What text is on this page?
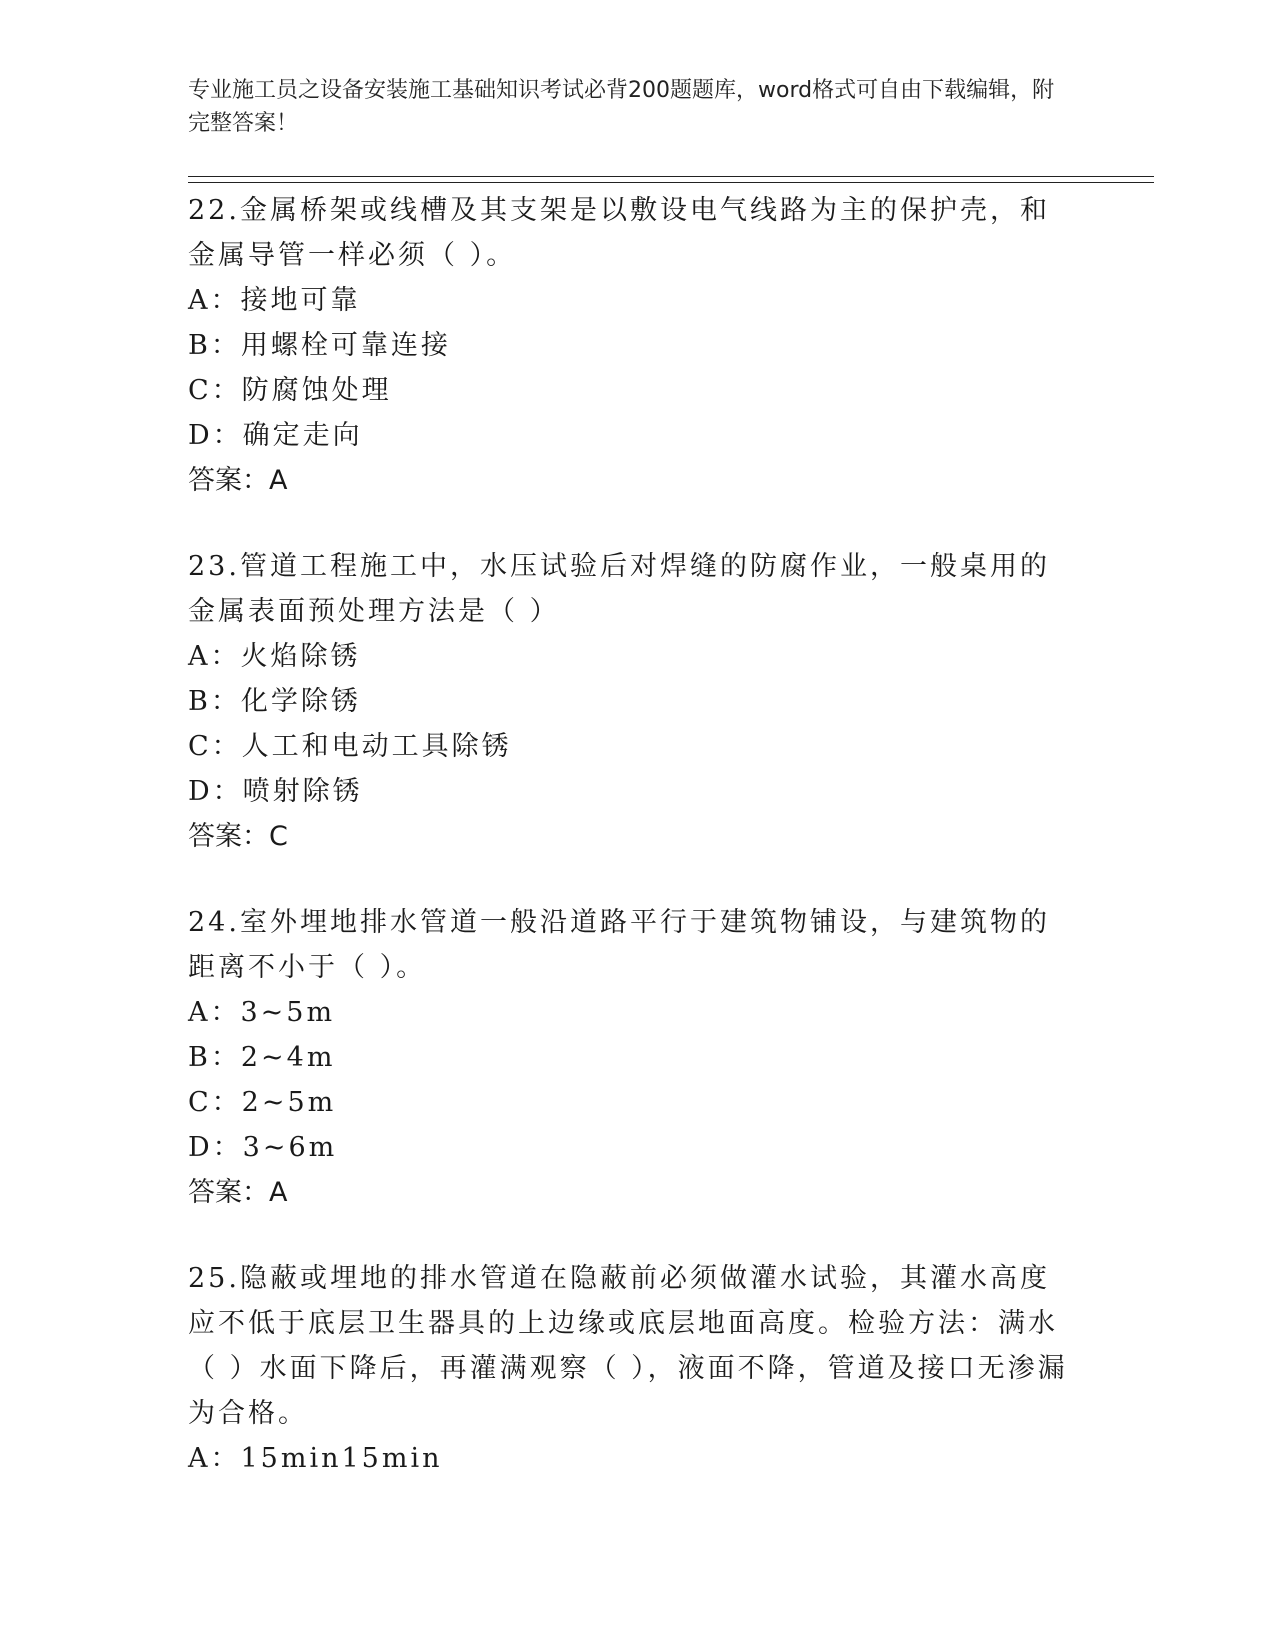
专业施工员之设备安装施工基础知识考试必背200题题库，word格式可自由下载编辑，附完整答案！

22.金属桥架或线槽及其支架是以敷设电气线路为主的保护壳，和金属导管一样必须（ ）。

A：接地可靠

B：用螺栓可靠连接

C：防腐蚀处理

D：确定走向

答案：A

23.管道工程施工中，水压试验后对焊缝的防腐作业，一般桌用的金属表面预处理方法是（ ）

A：火焰除锈

B：化学除锈

C：人工和电动工具除锈

D：喷射除锈

答案：C

24.室外埋地排水管道一般沿道路平行于建筑物铺设，与建筑物的距离不小于（ ）。

A：3~5m

B：2~4m

C：2~5m

D：3~6m

答案：A

25.隐蔽或埋地的排水管道在隐蔽前必须做灌水试验，其灌水高度应不低于底层卫生器具的上边缘或底层地面高度。检验方法：满水（ ）水面下降后，再灌满观察（ ），液面不降，管道及接口无渗漏为合格。

A：15min15min
